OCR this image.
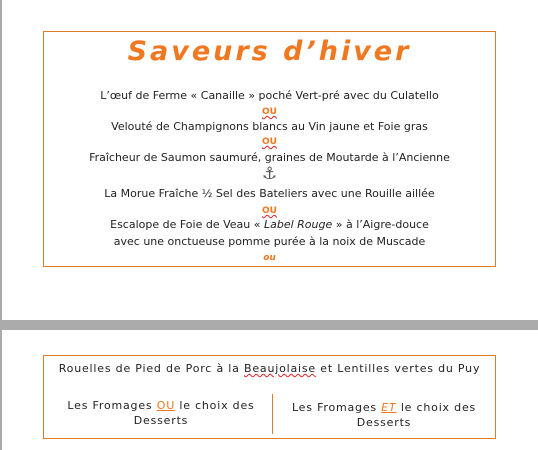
Saveurs d’hiver
L’œuf de Ferme « Canaille » poché Vert-pré avec du Culatello
OU
Velouté de Champignons blancs au Vin jaune et Foie gras
OU
Fraîcheur de Saumon saumuré, graines de Moutarde à l’Ancienne
⚓
La Morue Fraîche ½ Sel des Bateliers avec une Rouille aillée
OU
Escalope de Foie de Veau « Label Rouge » à l’Aigre-douce
avec une onctueuse pomme purée à la noix de Muscade
ou
Rouelles de Pied de Porc à la Beaujolaise et Lentilles vertes du Puy
Les Fromages OU le choix des
Desserts
Les Fromages ET le choix des
Desserts
